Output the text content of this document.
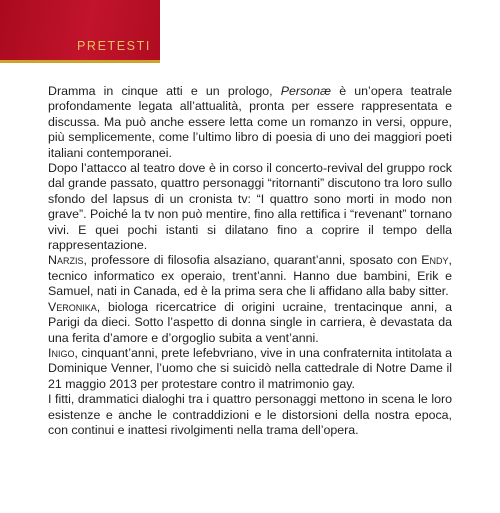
PRETESTI

Dramma in cinque atti e un prologo, Personæ è un’opera teatrale profondamente legata all’attualità, pronta per essere rappresentata e discussa. Ma può anche essere letta come un romanzo in versi, oppure, più semplicemente, come l’ultimo libro di poesia di uno dei maggiori poeti italiani contemporanei.

Dopo l’attacco al teatro dove è in corso il concerto-revival del gruppo rock dal grande passato, quattro personaggi “ritornanti” discutono tra loro sullo sfondo del lapsus di un cronista tv: “I quattro sono morti in modo non grave”. Poiché la tv non può mentire, fino alla rettifica i “revenant” tornano vivi. E quei pochi istanti si dilatano fino a coprire il tempo della rappresentazione.

Narzis, professore di filosofia alsaziano, quarant’anni, sposato con Endy, tecnico informatico ex operaio, trent’anni. Hanno due bambini, Erik e Samuel, nati in Canada, ed è la prima sera che li affidano alla baby sitter.

Veronika, biologa ricercatrice di origini ucraine, trentacinque anni, a Parigi da dieci. Sotto l’aspetto di donna single in carriera, è devastata da una ferita d’amore e d’orgoglio subita a vent’anni.

Inigo, cinquant’anni, prete lefebvriano, vive in una confraternita intitolata a Dominique Venner, l’uomo che si suicidò nella cattedrale di Notre Dame il 21 maggio 2013 per protestare contro il matrimonio gay.

I fitti, drammatici dialoghi tra i quattro personaggi mettono in scena le loro esistenze e anche le contraddizioni e le distorsioni della nostra epoca, con continui e inattesi rivolgimenti nella trama dell’opera.
